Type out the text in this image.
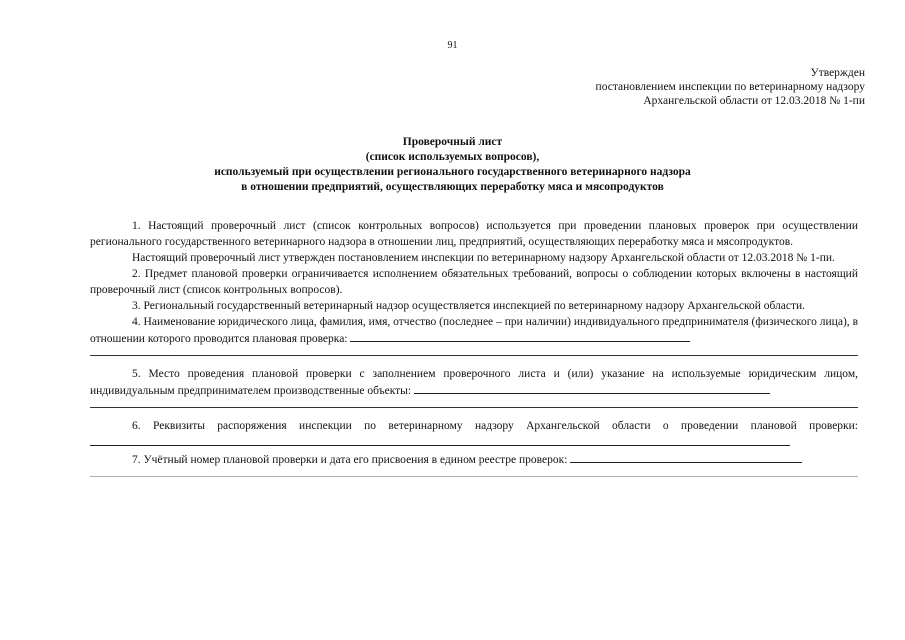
91
Утвержден
постановлением инспекции по ветеринарному надзору
Архангельской области от 12.03.2018 № 1-пи
Проверочный лист
(список используемых вопросов),
используемый при осуществлении регионального государственного ветеринарного надзора
в отношении предприятий, осуществляющих переработку мяса и мясопродуктов

1. Настоящий проверочный лист (список контрольных вопросов) используется при проведении плановых проверок при осуществлении регионального государственного ветеринарного надзора в отношении лиц, предприятий, осуществляющих переработку мяса и мясопродуктов.

Настоящий проверочный лист утвержден постановлением инспекции по ветеринарному надзору Архангельской области от 12.03.2018 № 1-пи.

2. Предмет плановой проверки ограничивается исполнением обязательных требований, вопросы о соблюдении которых включены в настоящий проверочный лист (список контрольных вопросов).

3. Региональный государственный ветеринарный надзор осуществляется инспекцией по ветеринарному надзору Архангельской области.

4. Наименование юридического лица, фамилия, имя, отчество (последнее – при наличии) индивидуального предпринимателя (физического лица), в отношении которого проводится плановая проверка:

5. Место проведения плановой проверки с заполнением проверочного листа и (или) указание на используемые юридическим лицом, индивидуальным предпринимателем производственные объекты:

6. Реквизиты распоряжения инспекции по ветеринарному надзору Архангельской области о проведении плановой проверки:

7. Учётный номер плановой проверки и дата его присвоения в едином реестре проверок:
